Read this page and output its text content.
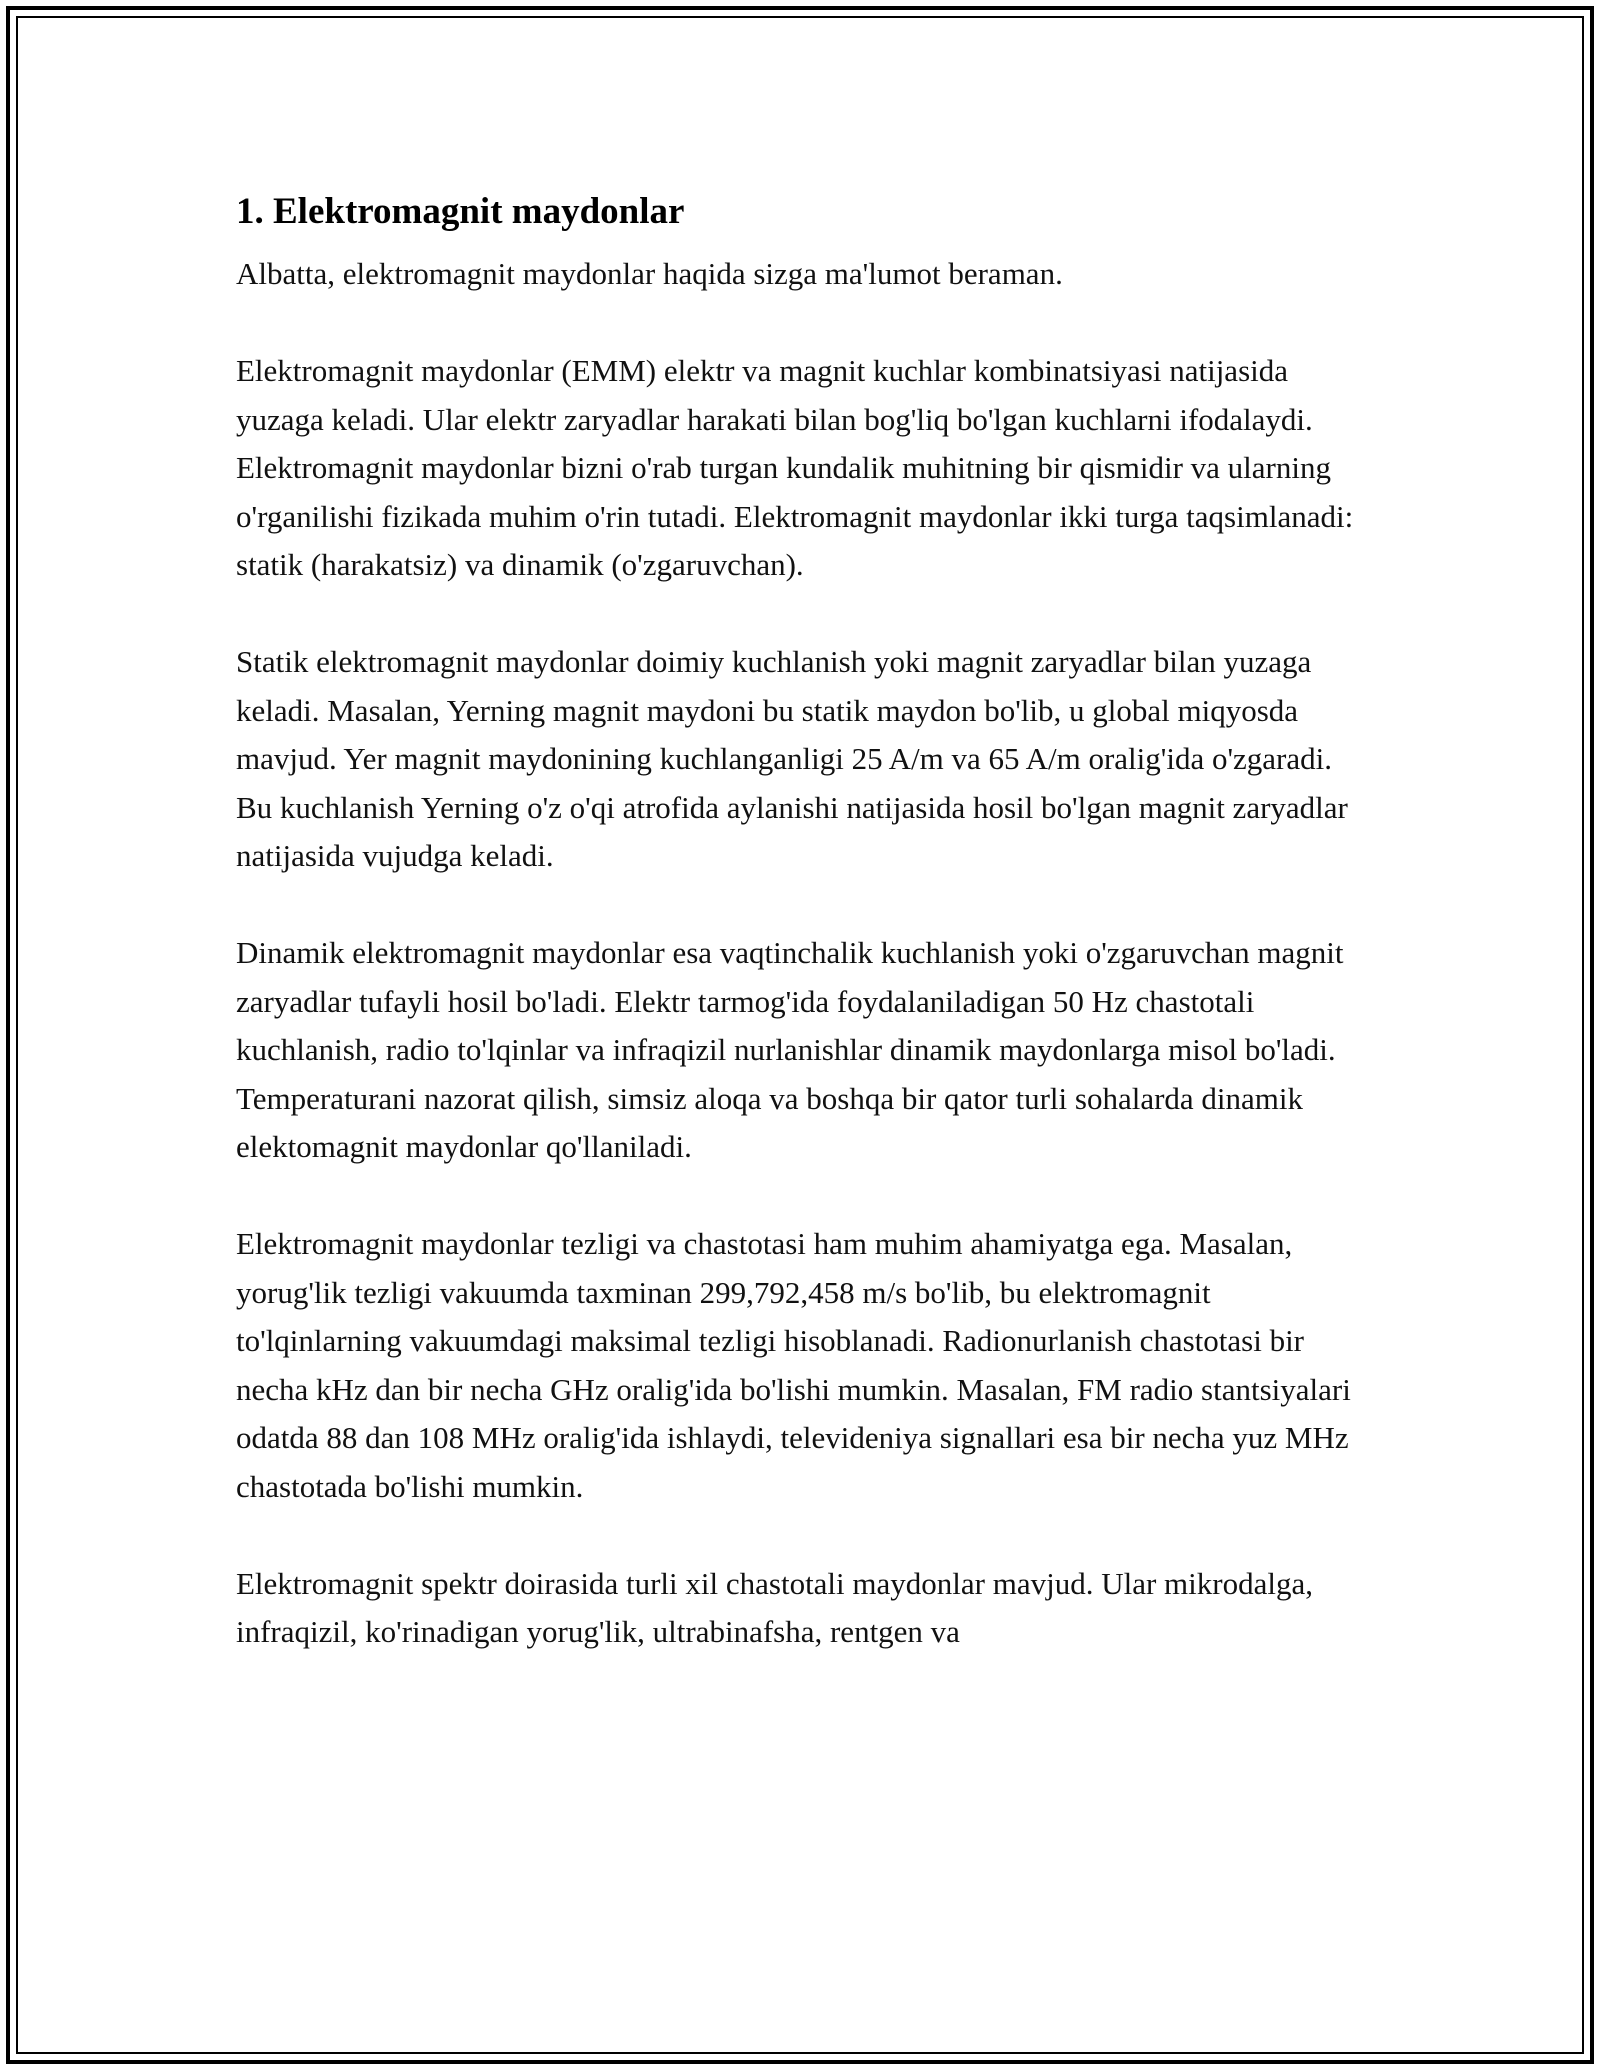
1. Elektromagnit maydonlar

Albatta, elektromagnit maydonlar haqida sizga ma'lumot beraman.

Elektromagnit maydonlar (EMM) elektr va magnit kuchlar kombinatsiyasi natijasida yuzaga keladi. Ular elektr zaryadlar harakati bilan bog'liq bo'lgan kuchlarni ifodalaydi. Elektromagnit maydonlar bizni o'rab turgan kundalik muhitning bir qismidir va ularning o'rganilishi fizikada muhim o'rin tutadi. Elektromagnit maydonlar ikki turga taqsimlanadi: statik (harakatsiz) va dinamik (o'zgaruvchan).

Statik elektromagnit maydonlar doimiy kuchlanish yoki magnit zaryadlar bilan yuzaga keladi. Masalan, Yerning magnit maydoni bu statik maydon bo'lib, u global miqyosda mavjud. Yer magnit maydonining kuchlanganligi 25 A/m va 65 A/m oralig'ida o'zgaradi. Bu kuchlanish Yerning o'z o'qi atrofida aylanishi natijasida hosil bo'lgan magnit zaryadlar natijasida vujudga keladi.

Dinamik elektromagnit maydonlar esa vaqtinchalik kuchlanish yoki o'zgaruvchan magnit zaryadlar tufayli hosil bo'ladi. Elektr tarmog'ida foydalaniladigan 50 Hz chastotali kuchlanish, radio to'lqinlar va infraqizil nurlanishlar dinamik maydonlarga misol bo'ladi. Temperaturani nazorat qilish, simsiz aloqa va boshqa bir qator turli sohalarda dinamik elektomagnit maydonlar qo'llaniladi.

Elektromagnit maydonlar tezligi va chastotasi ham muhim ahamiyatga ega. Masalan, yorug'lik tezligi vakuumda taxminan 299,792,458 m/s bo'lib, bu elektromagnit to'lqinlarning vakuumdagi maksimal tezligi hisoblanadi. Radionurlanish chastotasi bir necha kHz dan bir necha GHz oralig'ida bo'lishi mumkin. Masalan, FM radio stantsiyalari odatda 88 dan 108 MHz oralig'ida ishlaydi, televideniya signallari esa bir necha yuz MHz chastotada bo'lishi mumkin.

Elektromagnit spektr doirasida turli xil chastotali maydonlar mavjud. Ular mikrodalga, infraqizil, ko'rinadigan yorug'lik, ultrabinafsha, rentgen va
